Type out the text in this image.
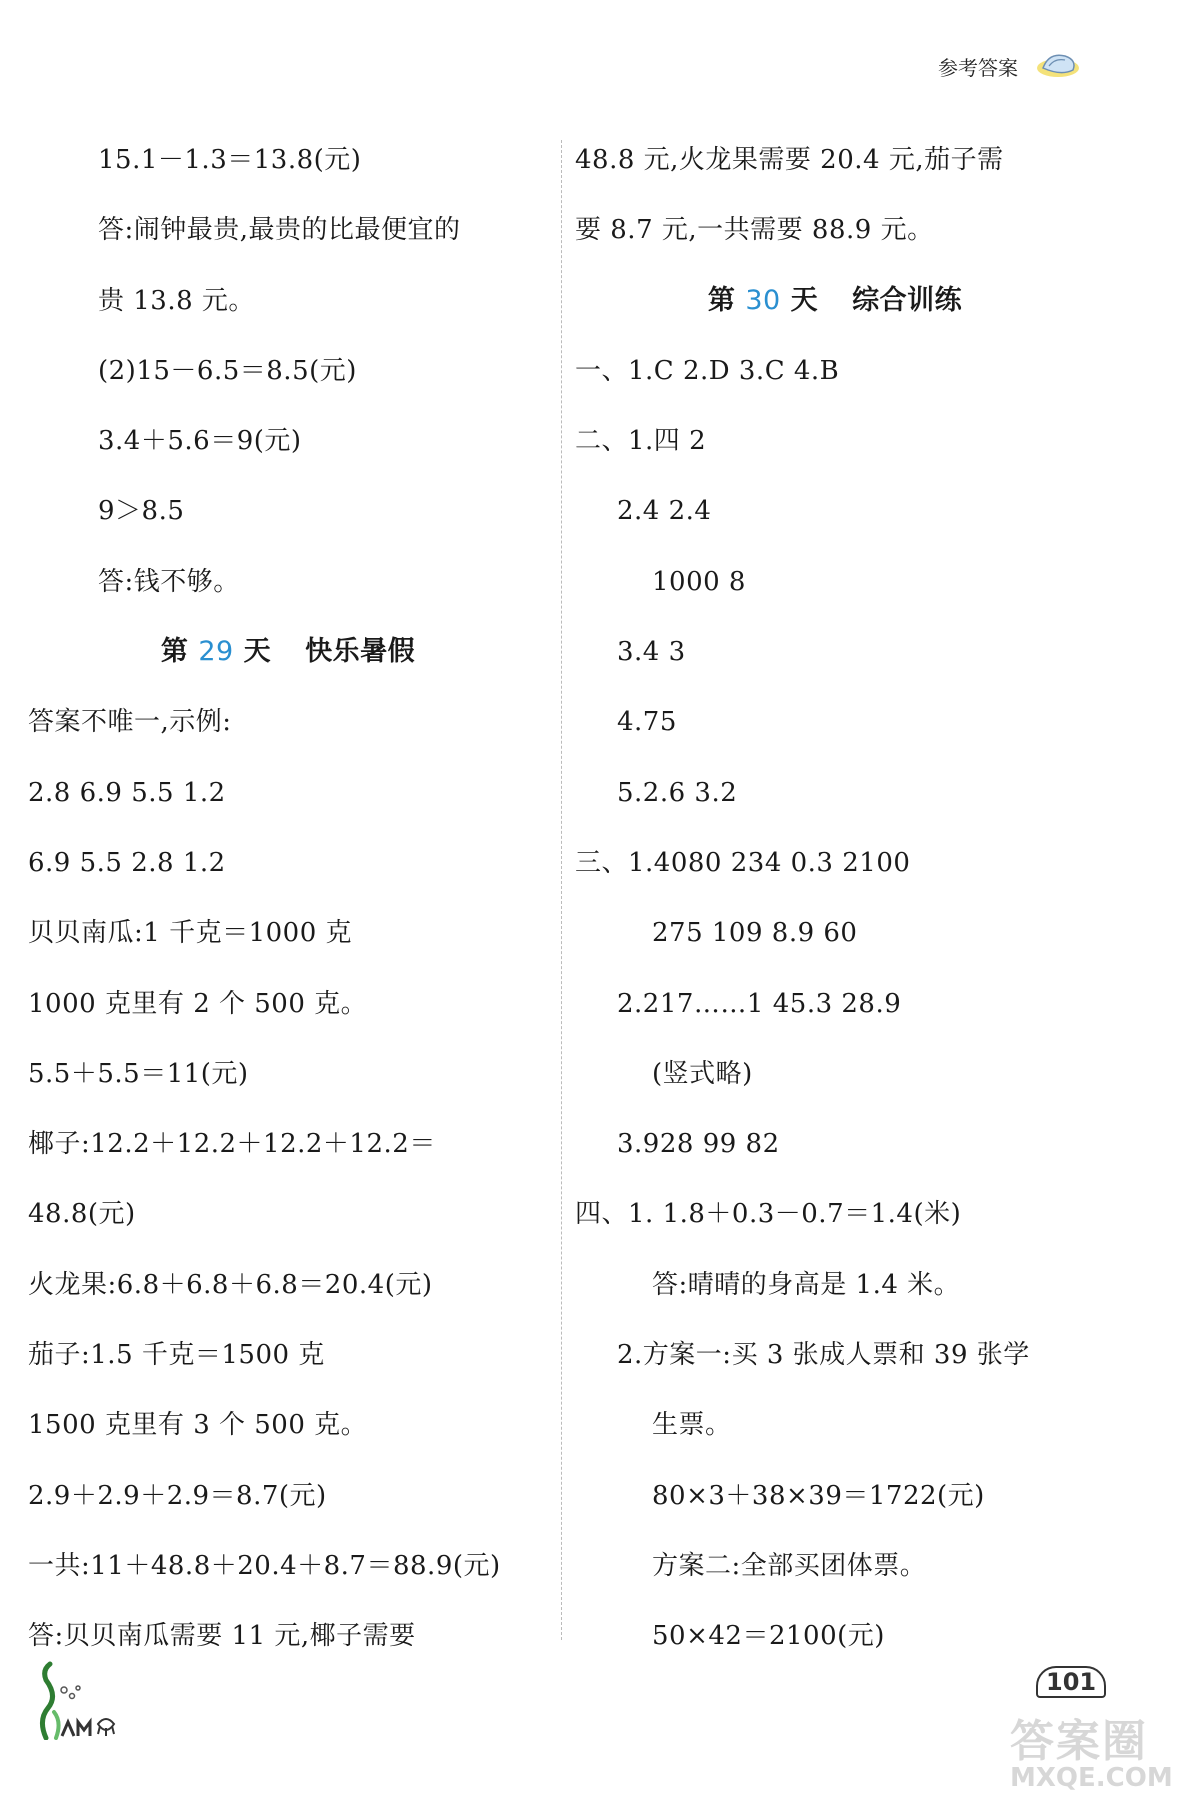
参考答案
15.1－1.3＝13.8(元)
答:闹钟最贵,最贵的比最便宜的
贵 13.8 元。
(2)15－6.5＝8.5(元)
3.4＋5.6＝9(元)
9＞8.5
答:钱不够。
第 29 天 快乐暑假
答案不唯一,示例:
2.8 6.9 5.5 1.2
6.9 5.5 2.8 1.2
贝贝南瓜:1 千克＝1000 克
1000 克里有 2 个 500 克。
5.5＋5.5＝11(元)
椰子:12.2＋12.2＋12.2＋12.2＝
48.8(元)
火龙果:6.8＋6.8＋6.8＝20.4(元)
茄子:1.5 千克＝1500 克
1500 克里有 3 个 500 克。
2.9＋2.9＋2.9＝8.7(元)
一共:11＋48.8＋20.4＋8.7＝88.9(元)
答:贝贝南瓜需要 11 元,椰子需要
48.8 元,火龙果需要 20.4 元,茄子需
要 8.7 元,一共需要 88.9 元。
第 30 天 综合训练
一、1.C 2.D 3.C 4.B
二、1.四 2
2.4 2.4
1000 8
3.4 3
4.75
5.2.6 3.2
三、1.4080 234 0.3 2100
275 109 8.9 60
2.217……1 45.3 28.9
(竖式略)
3.928 99 82
四、1. 1.8＋0.3－0.7＝1.4(米)
答:晴晴的身高是 1.4 米。
2.方案一:买 3 张成人票和 39 张学
生票。
80×3＋38×39＝1722(元)
方案二:全部买团体票。
50×42＝2100(元)
101
答案圈
MXQE.COM
